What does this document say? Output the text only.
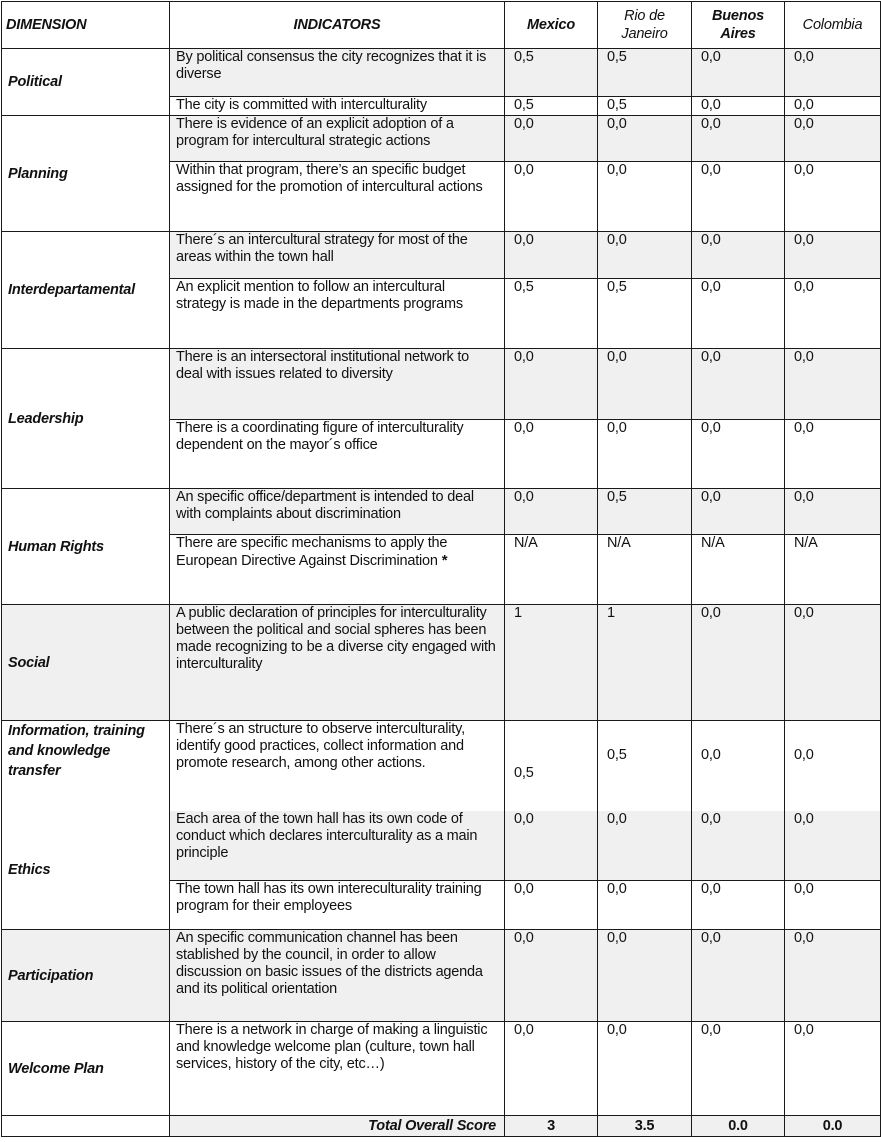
DIMENSION	INDICATORS	Mexico	Rio de Janeiro	Buenos Aires	Colombia
Political	By political consensus the city recognizes that it is diverse	0,5	0,5	0,0	0,0
	The city is committed with interculturality	0,5	0,5	0,0	0,0
Planning	There is evidence of an explicit adoption of a program for intercultural strategic actions	0,0	0,0	0,0	0,0
	Within that program, there’s an specific budget assigned for the promotion of intercultural actions	0,0	0,0	0,0	0,0
Interdepartamental	There´s an intercultural strategy for most of the areas within the town hall	0,0	0,0	0,0	0,0
	An explicit mention to follow an intercultural strategy is made in the departments programs	0,5	0,5	0,0	0,0
Leadership	There is an intersectoral institutional network to deal with issues related to diversity	0,0	0,0	0,0	0,0
	There is a coordinating figure of interculturality dependent on the mayor´s office	0,0	0,0	0,0	0,0
Human Rights	An specific office/department is intended to deal with complaints about discrimination	0,0	0,5	0,0	0,0
	There are specific mechanisms to apply the European Directive Against Discrimination *	N/A	N/A	N/A	N/A
Social	A public declaration of principles for interculturality between the political and social spheres has been made recognizing to be a diverse city engaged with interculturality	1	1	0,0	0,0
Information, training and knowledge transfer	There´s an structure to observe interculturality, identify good practices, collect information and promote research, among other actions.	0,5	0,5	0,0	0,0
Ethics	Each area of the town hall has its own code of conduct which declares interculturality as a main principle	0,0	0,0	0,0	0,0
	The town hall has its own intereculturality training program for their employees	0,0	0,0	0,0	0,0
Participation	An specific communication channel has been stablished by the council, in order to allow discussion on basic issues of the districts agenda and its political orientation	0,0	0,0	0,0	0,0
Welcome Plan	There is a network in charge of making a linguistic and knowledge welcome plan (culture, town hall services, history of the city, etc…)	0,0	0,0	0,0	0,0
	Total Overall Score	3	3.5	0.0	0.0
